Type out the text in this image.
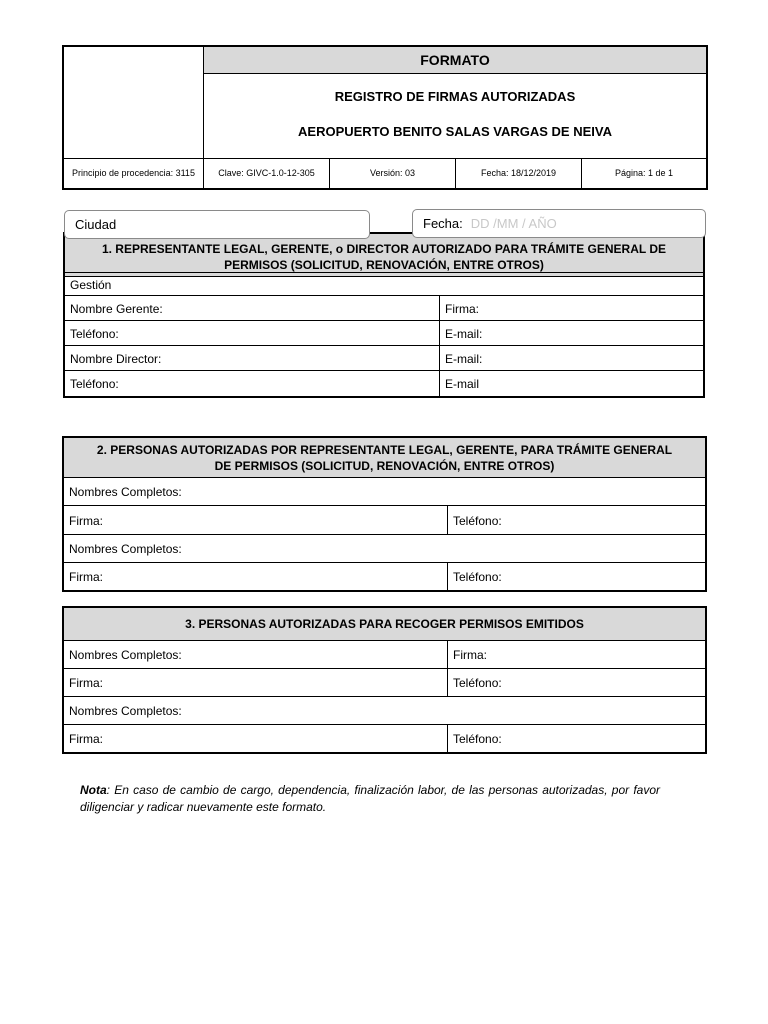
FORMATO
REGISTRO DE FIRMAS AUTORIZADAS
AEROPUERTO BENITO SALAS VARGAS DE NEIVA
Principio de procedencia: 3115	Clave: GIVC-1.0-12-305	Versión: 03	Fecha: 18/12/2019	Página: 1 de 1
Ciudad	Fecha: DD /MM / AÑO
1. REPRESENTANTE LEGAL, GERENTE, o DIRECTOR AUTORIZADO PARA TRÁMITE GENERAL DE PERMISOS (SOLICITUD, RENOVACIÓN, ENTRE OTROS)
Gestión
Nombre Gerente:	Firma:
Teléfono:	E-mail:
Nombre Director:	E-mail:
Teléfono:	E-mail
2. PERSONAS AUTORIZADAS POR REPRESENTANTE LEGAL, GERENTE, PARA TRÁMITE GENERAL DE PERMISOS (SOLICITUD, RENOVACIÓN, ENTRE OTROS)
Nombres Completos:
Firma:	Teléfono:
Nombres Completos:
Firma:	Teléfono:
3. PERSONAS AUTORIZADAS PARA RECOGER PERMISOS EMITIDOS
Nombres Completos:	Firma:
Firma:	Teléfono:
Nombres Completos:
Firma:	Teléfono:
Nota: En caso de cambio de cargo, dependencia, finalización labor, de las personas autorizadas, por favor diligenciar y radicar nuevamente este formato.
